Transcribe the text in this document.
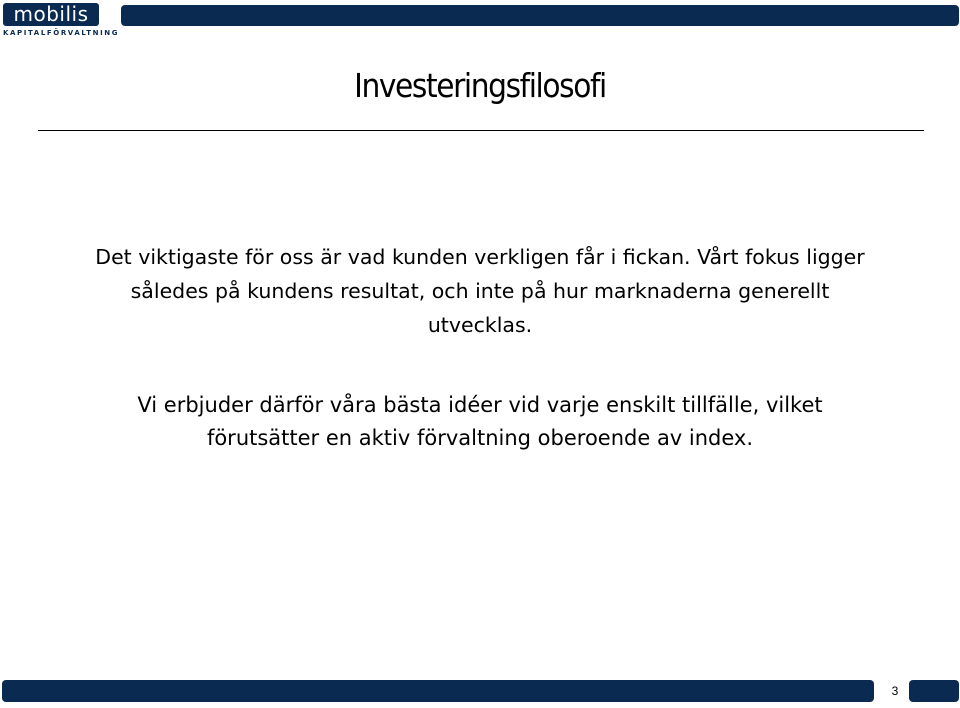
mobilis
KAPITALFÖRVALTNING
Investeringsfilosofi

Det viktigaste för oss är vad kunden verkligen får i fickan. Vårt fokus ligger således på kundens resultat, och inte på hur marknaderna generellt utvecklas.

Vi erbjuder därför våra bästa idéer vid varje enskilt tillfälle, vilket förutsätter en aktiv förvaltning oberoende av index.

3
